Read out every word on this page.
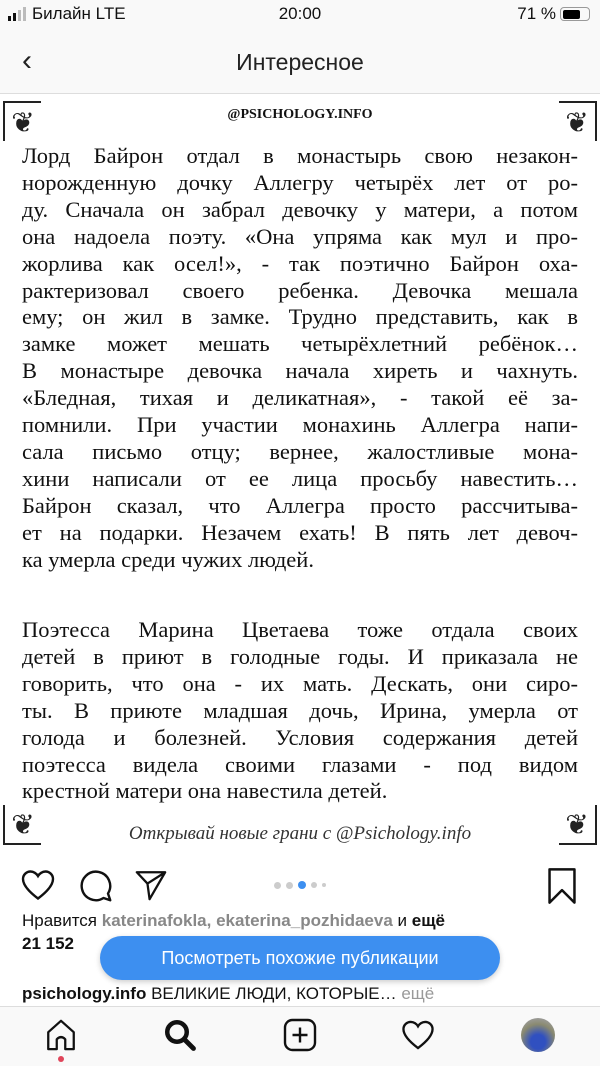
Билайн LTE	20:00	71 %
‹	Интересное
❦	❦
❦	❦
@PSICHOLOGY.INFO
Лорд Байрон отдал в монастырь свою незакон-
норожденную дочку Аллегру четырёх лет от ро-
ду. Сначала он забрал девочку у матери, а потом
она надоела поэту. «Она упряма как мул и про-
жорлива как осел!», - так поэтично Байрон оха-
рактеризовал своего ребенка. Девочка мешала
ему; он жил в замке. Трудно представить, как в
замке может мешать четырёхлетний ребёнок…
В монастыре девочка начала хиреть и чахнуть.
«Бледная, тихая и деликатная», - такой её за-
помнили. При участии монахинь Аллегра напи-
сала письмо отцу; вернее, жалостливые мона-
хини написали от ее лица просьбу навестить…
Байрон сказал, что Аллегра просто рассчитыва-
ет на подарки. Незачем ехать! В пять лет девоч-
ка умерла среди чужих людей.
Поэтесса Марина Цветаева тоже отдала своих
детей в приют в голодные годы. И приказала не
говорить, что она - их мать. Дескать, они сиро-
ты. В приюте младшая дочь, Ирина, умерла от
голода и болезней. Условия содержания детей
поэтесса видела своими глазами - под видом
крестной матери она навестила детей.
Открывай новые грани с @Psichology.info
Нравится katerinafokla, ekaterina_pozhidaeva и ещё
21 152
psichology.info ВЕЛИКИЕ ЛЮДИ, КОТОРЫЕ… ещё
Посмотреть похожие публикации
